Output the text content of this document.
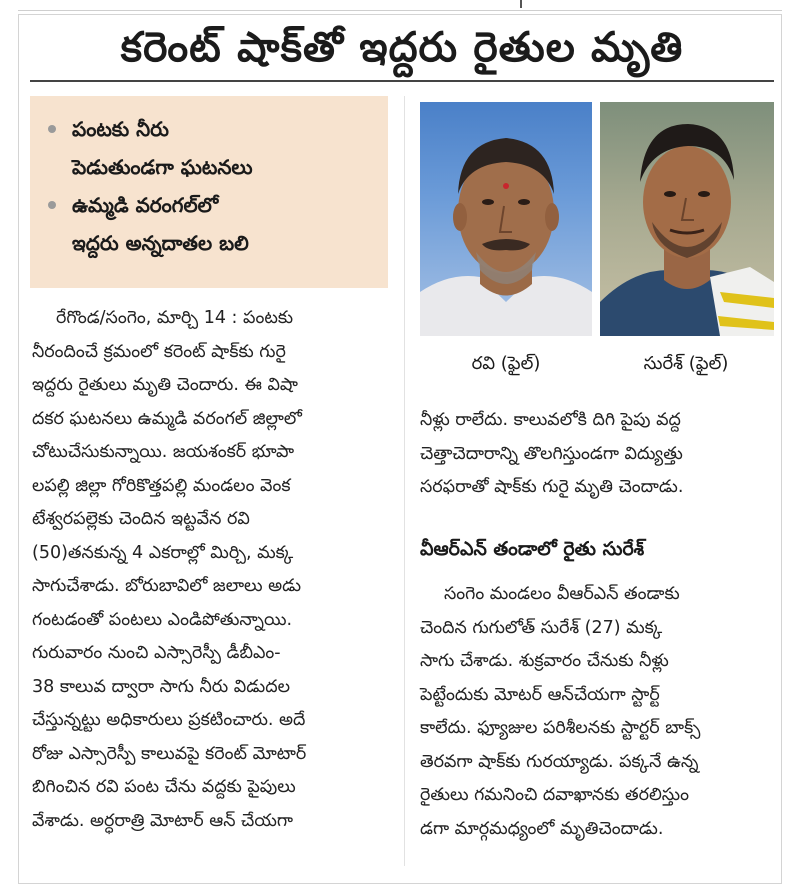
కరెంట్ షాక్‌తో ఇద్దరు రైతుల మృతి
పంటకు నీరు
పెడుతుండగా ఘటనలు
ఉమ్మడి వరంగల్‌లో
ఇద్దరు అన్నదాతల బలి
రేగొండ/సంగెం, మార్చి 14 : పంటకు
నీరందించే క్రమంలో కరెంట్ షాక్‌కు గురై
ఇద్దరు రైతులు మృతి చెందారు. ఈ విషా
దకర ఘటనలు ఉమ్మడి వరంగల్ జిల్లాలో
చోటుచేసుకున్నాయి. జయశంకర్ భూపా
లపల్లి జిల్లా గోరికొత్తపల్లి మండలం వెంక
టేశ్వరపల్లెకు చెందిన ఇట్టవేన రవి
(50)తనకున్న 4 ఎకరాల్లో మిర్చి, మక్క
సాగుచేశాడు. బోరుబావిలో జలాలు అడు
గంటడంతో పంటలు ఎండిపోతున్నాయి.
గురువారం నుంచి ఎస్సారెస్పీ డీబీఎం-
38 కాలువ ద్వారా సాగు నీరు విడుదల
చేస్తున్నట్టు అధికారులు ప్రకటించారు. అదే
రోజు ఎస్సారెస్పీ కాలువపై కరెంట్ మోటార్
బిగించిన రవి పంట చేను వద్దకు పైపులు
వేశాడు. అర్ధరాత్రి మోటార్ ఆన్ చేయగా
రవి (ఫైల్)	సురేశ్ (ఫైల్)
నీళ్లు రాలేదు. కాలువలోకి దిగి పైపు వద్ద
చెత్తాచెదారాన్ని తొలగిస్తుండగా విద్యుత్తు
సరఫరాతో షాక్‌కు గురై మృతి చెందాడు.
వీఆర్ఎన్ తండాలో రైతు సురేశ్
సంగెం మండలం వీఆర్ఎన్ తండాకు
చెందిన గుగులోత్ సురేశ్ (27) మక్క
సాగు చేశాడు. శుక్రవారం చేనుకు నీళ్లు
పెట్టేందుకు మోటర్ ఆన్‌చేయగా స్టార్ట్
కాలేదు. ఫ్యూజుల పరిశీలనకు స్టార్టర్ బాక్స్
తెరవగా షాక్‌కు గురయ్యాడు. పక్కనే ఉన్న
రైతులు గమనించి దవాఖానకు తరలిస్తుం
డగా మార్గమధ్యంలో మృతిచెందాడు.
